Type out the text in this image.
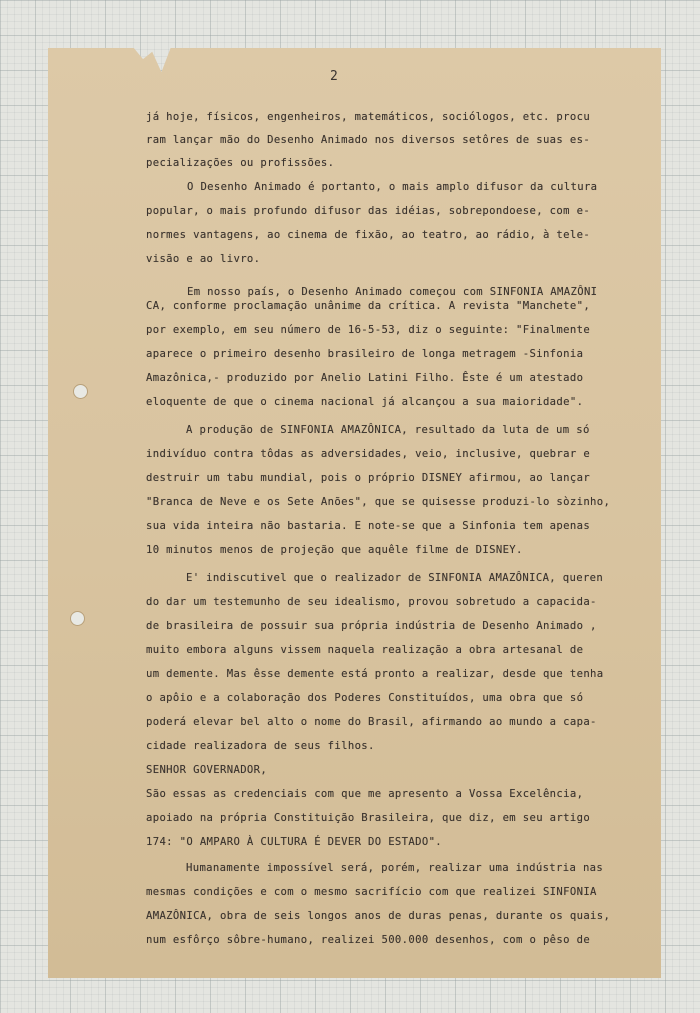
2
já hoje, físicos, engenheiros, matemáticos, sociólogos, etc. procu
ram lançar mão do Desenho Animado nos diversos setôres de suas es-
pecializações ou profissões.
O Desenho Animado é portanto, o mais amplo difusor da cultura
popular, o mais profundo difusor das idéias, sobrepondoese, com e-
normes vantagens, ao cinema de fixão, ao teatro, ao rádio, à tele-
visão e ao livro.
Em nosso país, o Desenho Animado começou com SINFONIA AMAZÔNI
CA, conforme proclamação unânime da crítica. A revista "Manchete",
por exemplo, em seu número de 16-5-53, diz o seguinte: "Finalmente
aparece o primeiro desenho brasileiro de longa metragem -Sinfonia
Amazônica,- produzido por Anelio Latini Filho. Êste é um atestado
eloquente de que o cinema nacional já alcançou a sua maioridade".
A produção de SINFONIA AMAZÔNICA, resultado da luta de um só
indivíduo contra tôdas as adversidades, veio, inclusive, quebrar e
destruir um tabu mundial, pois o próprio DISNEY afirmou, ao lançar
"Branca de Neve e os Sete Anões", que se quisesse produzi-lo sòzinho,
sua vida inteira não bastaria. E note-se que a Sinfonia tem apenas
10 minutos menos de projeção que aquêle filme de DISNEY.
E' indiscutivel que o realizador de SINFONIA AMAZÔNICA, queren
do dar um testemunho de seu idealismo, provou sobretudo a capacida-
de brasileira de possuir sua própria indústria de Desenho Animado ,
muito embora alguns vissem naquela realização a obra artesanal de
um demente. Mas êsse demente está pronto a realizar, desde que tenha
o apôio e a colaboração dos Poderes Constituídos, uma obra que só
poderá elevar bel alto o nome do Brasil, afirmando ao mundo a capa-
cidade realizadora de seus filhos.
SENHOR GOVERNADOR,
São essas as credenciais com que me apresento a Vossa Excelência,
apoiado na própria Constituição Brasileira, que diz, em seu artigo
174: "O AMPARO À CULTURA É DEVER DO ESTADO".
Humanamente impossível será, porém, realizar uma indústria nas
mesmas condições e com o mesmo sacrifício com que realizei SINFONIA
AMAZÔNICA, obra de seis longos anos de duras penas, durante os quais,
num esfôrço sôbre-humano, realizei 500.000 desenhos, com o pêso de
